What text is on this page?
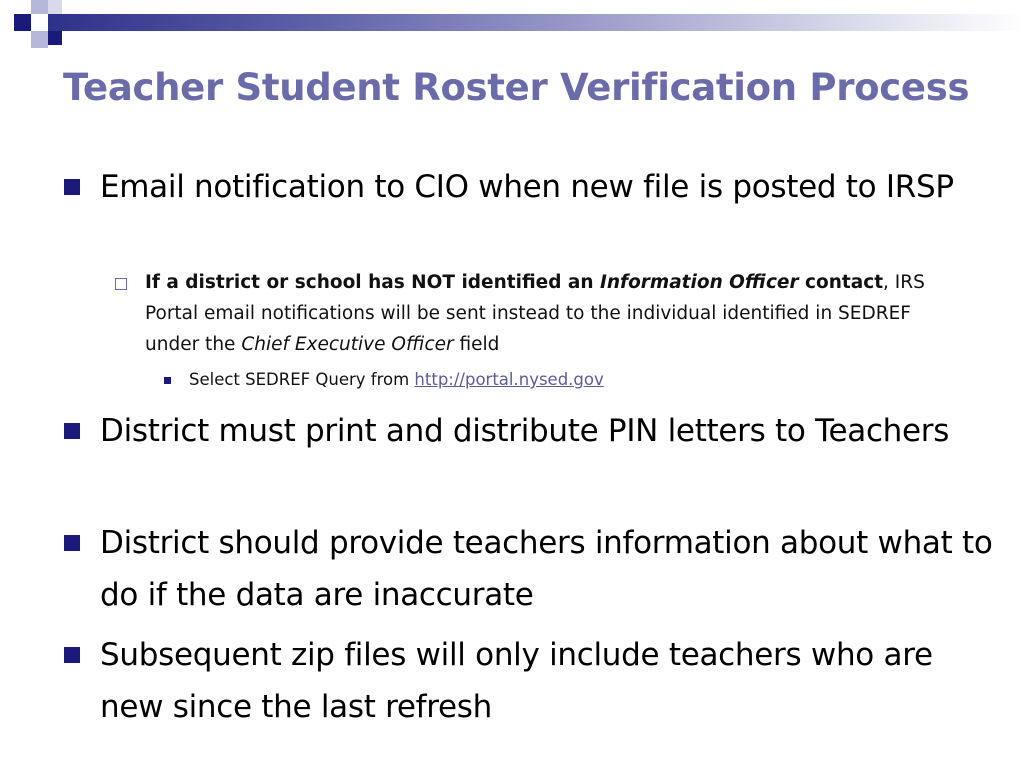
Teacher Student Roster Verification Process
Email notification to CIO when new file is posted to IRSP
If a district or school has NOT identified an Information Officer contact, IRS Portal email notifications will be sent instead to the individual identified in SEDREF under the Chief Executive Officer field
Select SEDREF Query from http://portal.nysed.gov
District must print and distribute PIN letters to Teachers
District should provide teachers information about what to do if the data are inaccurate
Subsequent zip files will only include teachers who are new since the last refresh
